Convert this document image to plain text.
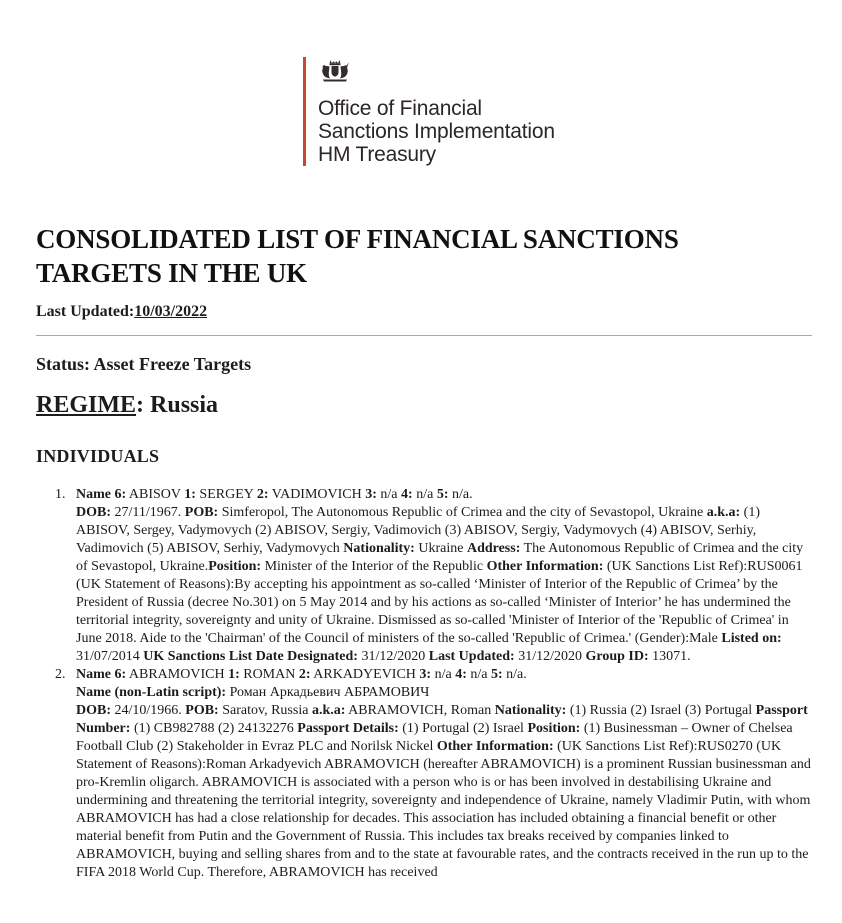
Office of Financial
Sanctions Implementation
HM Treasury
CONSOLIDATED LIST OF FINANCIAL SANCTIONS TARGETS IN THE UK

Last Updated:10/03/2022

Status: Asset Freeze Targets
REGIME: Russia
INDIVIDUALS
1. Name 6: ABISOV 1: SERGEY 2: VADIMOVICH 3: n/a 4: n/a 5: n/a.
DOB: 27/11/1967. POB: Simferopol, The Autonomous Republic of Crimea and the city of Sevastopol, Ukraine a.k.a: (1) ABISOV, Sergey, Vadymovych (2) ABISOV, Sergiy, Vadimovich (3) ABISOV, Sergiy, Vadymovych (4) ABISOV, Serhiy, Vadimovich (5) ABISOV, Serhiy, Vadymovych Nationality: Ukraine Address: The Autonomous Republic of Crimea and the city of Sevastopol, Ukraine.Position: Minister of the Interior of the Republic Other Information: (UK Sanctions List Ref):RUS0061 (UK Statement of Reasons):By accepting his appointment as so-called ‘Minister of Interior of the Republic of Crimea’ by the President of Russia (decree No.301) on 5 May 2014 and by his actions as so-called ‘Minister of Interior’ he has undermined the territorial integrity, sovereignty and unity of Ukraine. Dismissed as so-called 'Minister of Interior of the 'Republic of Crimea' in June 2018. Aide to the 'Chairman' of the Council of ministers of the so-called 'Republic of Crimea.' (Gender):Male Listed on: 31/07/2014 UK Sanctions List Date Designated: 31/12/2020 Last Updated: 31/12/2020 Group ID: 13071.
2. Name 6: ABRAMOVICH 1: ROMAN 2: ARKADYEVICH 3: n/a 4: n/a 5: n/a.
Name (non-Latin script): Роман Аркадьевич АБРАМОВИЧ
DOB: 24/10/1966. POB: Saratov, Russia a.k.a: ABRAMOVICH, Roman Nationality: (1) Russia (2) Israel (3) Portugal Passport Number: (1) CB982788 (2) 24132276 Passport Details: (1) Portugal (2) Israel Position: (1) Businessman – Owner of Chelsea Football Club (2) Stakeholder in Evraz PLC and Norilsk Nickel Other Information: (UK Sanctions List Ref):RUS0270 (UK Statement of Reasons):Roman Arkadyevich ABRAMOVICH (hereafter ABRAMOVICH) is a prominent Russian businessman and pro-Kremlin oligarch. ABRAMOVICH is associated with a person who is or has been involved in destabilising Ukraine and undermining and threatening the territorial integrity, sovereignty and independence of Ukraine, namely Vladimir Putin, with whom ABRAMOVICH has had a close relationship for decades. This association has included obtaining a financial benefit or other material benefit from Putin and the Government of Russia. This includes tax breaks received by companies linked to ABRAMOVICH, buying and selling shares from and to the state at favourable rates, and the contracts received in the run up to the FIFA 2018 World Cup. Therefore, ABRAMOVICH has received
